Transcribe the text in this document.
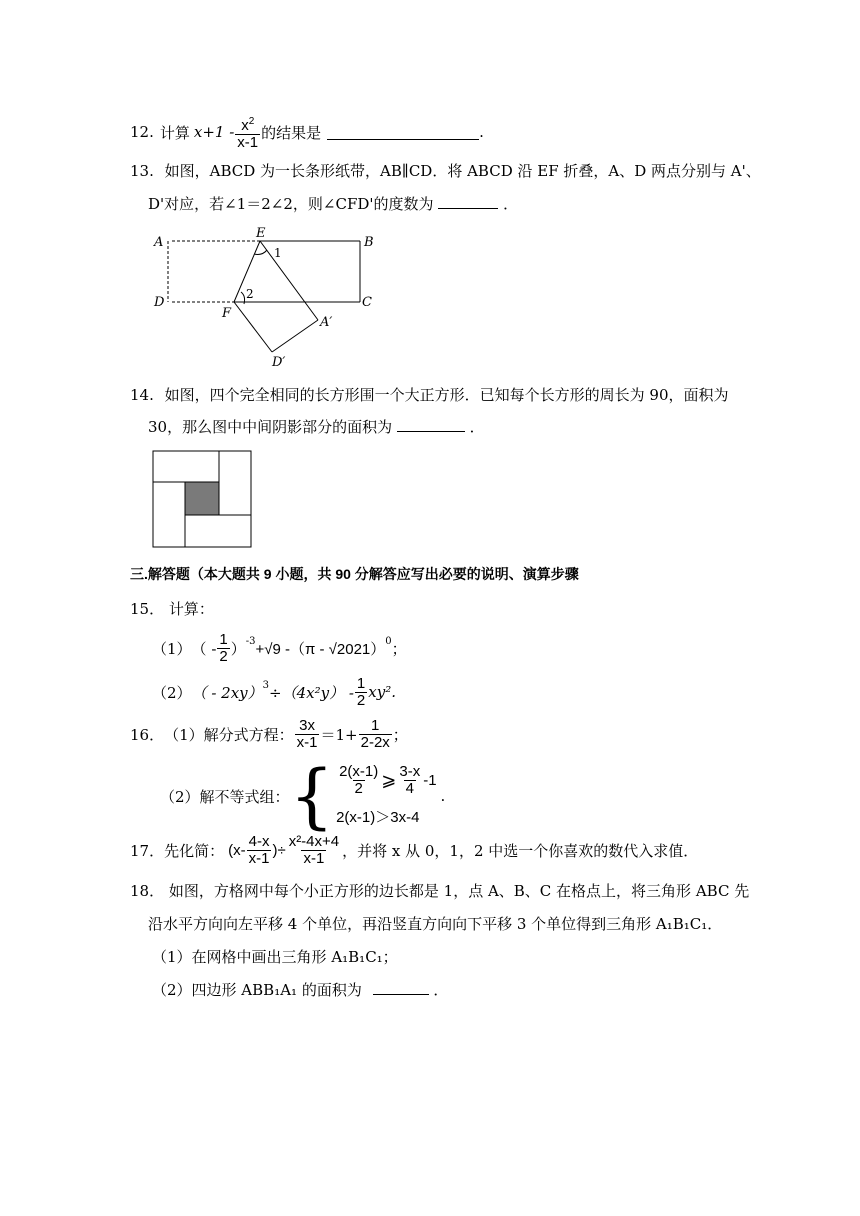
12. 计算 $x+1 - \frac{x^2}{x-1}$ 的结果是	.
13. 如图，ABCD 为一长条形纸带，AB∥CD．将 ABCD 沿 EF 折叠，A、D 两点分别与 A'、
D'对应，若∠1＝2∠2，则∠CFD'的度数为	．
A	B
C
D
E
F
A′
D′
1
2
14. 如图，四个完全相同的长方形围一个大正方形．已知每个长方形的周长为 90，面积为
30，那么图中中间阴影部分的面积为	．
三.解答题（本大题共 9 小题，共 90 分解答应写出必要的说明、演算步骤
15． 计算：
（1） （ - $\frac{1}{2} )^{-3} +√9$ -（π - √2021）$^0$ ；
（2） （ - $2xy)^3 \div(4x^2y) - \frac{1}{2} xy^2$.
16． （1）解分式方程： $\frac{3x}{x-1} =1+ \frac{1}{2-2x}$ ；
（2）解不等式组： { $\frac{2(x-1)}{2}$ ⩾ $\frac{3-x}{4} -1$
2(x-1)＞3x-4
.
17． 先化简： ($x- \frac{4-x}{x-1}$ )÷ $\frac{\text{x²-4x+4}}{x-1}$ ，并将 x 从 0，1，2 中选一个你喜欢的数代入求值．
18． 如图，方格网中每个小正方形的边长都是 1，点 A、B、C 在格点上，将三角形 ABC 先
沿水平方向向左平移 4 个单位，再沿竖直方向向下平移 3 个单位得到三角形 A₁B₁C₁．
（1）在网格中画出三角形 A₁B₁C₁；
（2）四边形 ABB₁A₁ 的面积为	．
